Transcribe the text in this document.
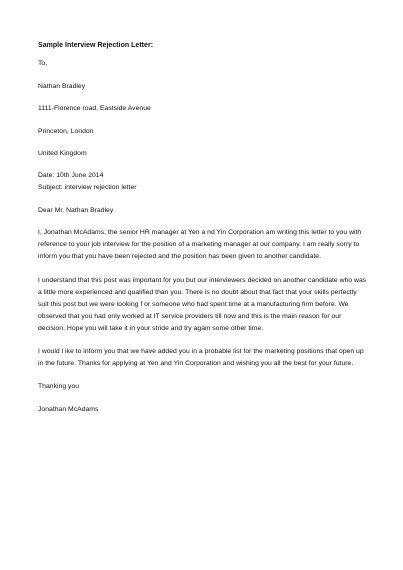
Sample Interview Rejection Letter:
To,
Nathan Bradley
1111-Florence road, Eastside Avenue
Princeton, London
United Kingdom
Date: 10th June 2014
Subject: interview rejection letter
Dear Mr. Nathan Bradley
I, Jonathan McAdams, the senior HR manager at Yen a nd Yin Corporation am writing this letter to you with
reference to your job interview for the position of a marketing manager at our company. I am really sorry to
inform you that you have been rejected and the position has been given to another candidate.
I understand that this post was important for you but our interviewers decided on another candidate who was
a little more experienced and qualified than you. There is no doubt about that fact that your skills perfectly
suit this post but we were looking f or someone who had spent time at a manufacturing firm before. We
observed that you had only worked at IT service providers till now and this is the main reason for our
decision. Hope you will take it in your stride and try again some other time.
I would l ike to inform you that we have added you in a probable list for the marketing positions that open up
in the future. Thanks for applying at Yen and Yin Corporation and wishing you all the best for your future.
Thanking you
Jonathan McAdams
